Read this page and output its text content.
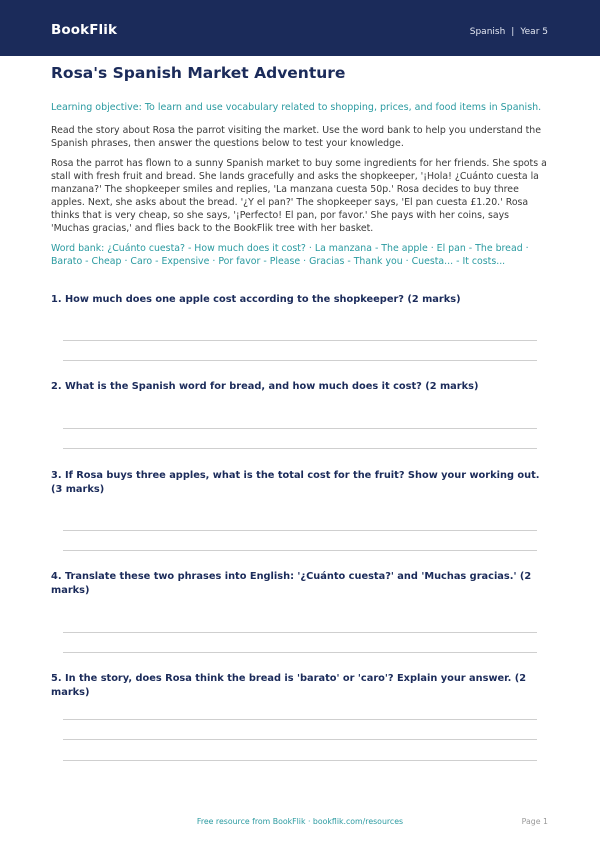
BookFlik	Spanish | Year 5
Rosa's Spanish Market Adventure
Learning objective: To learn and use vocabulary related to shopping, prices, and food items in Spanish.
Read the story about Rosa the parrot visiting the market. Use the word bank to help you understand the Spanish phrases, then answer the questions below to test your knowledge.
Rosa the parrot has flown to a sunny Spanish market to buy some ingredients for her friends. She spots a stall with fresh fruit and bread. She lands gracefully and asks the shopkeeper, '¡Hola! ¿Cuánto cuesta la manzana?' The shopkeeper smiles and replies, 'La manzana cuesta 50p.' Rosa decides to buy three apples. Next, she asks about the bread. '¿Y el pan?' The shopkeeper says, 'El pan cuesta £1.20.' Rosa thinks that is very cheap, so she says, '¡Perfecto! El pan, por favor.' She pays with her coins, says 'Muchas gracias,' and flies back to the BookFlik tree with her basket.
Word bank: ¿Cuánto cuesta? - How much does it cost? · La manzana - The apple · El pan - The bread · Barato - Cheap · Caro - Expensive · Por favor - Please · Gracias - Thank you · Cuesta... - It costs...
1. How much does one apple cost according to the shopkeeper? (2 marks)
2. What is the Spanish word for bread, and how much does it cost? (2 marks)
3. If Rosa buys three apples, what is the total cost for the fruit? Show your working out. (3 marks)
4. Translate these two phrases into English: '¿Cuánto cuesta?' and 'Muchas gracias.' (2 marks)
5. In the story, does Rosa think the bread is 'barato' or 'caro'? Explain your answer. (2 marks)
Free resource from BookFlik · bookflik.com/resources	Page 1
